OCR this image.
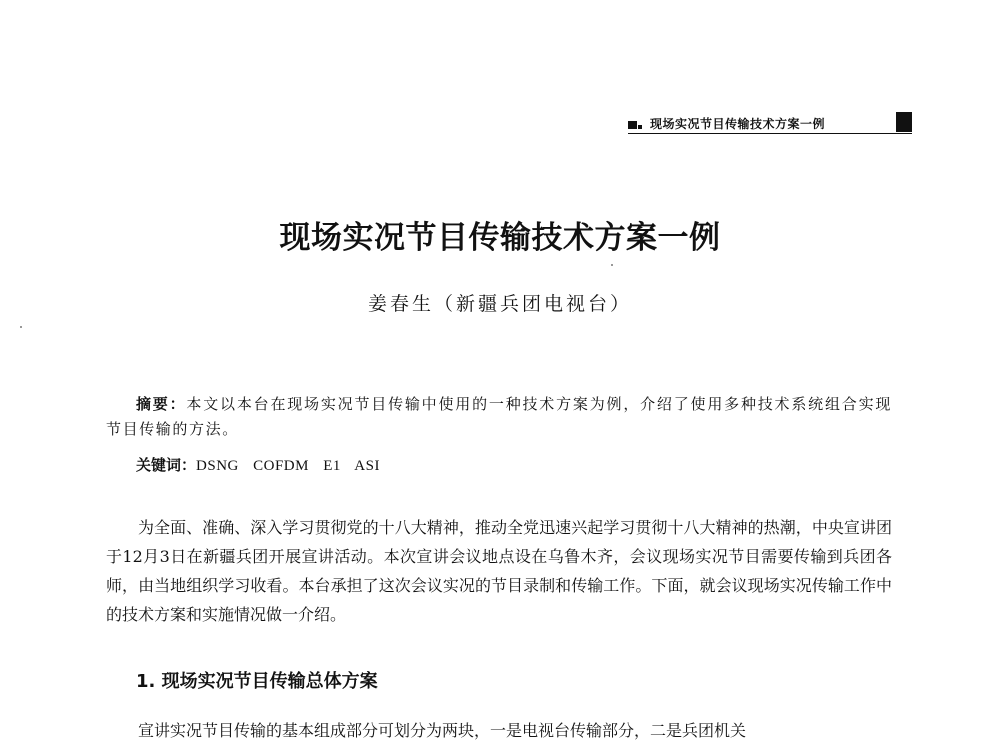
现场实况节目传输技术方案一例
现场实况节目传输技术方案一例
姜春生（新疆兵团电视台）

摘要：本文以本台在现场实况节目传输中使用的一种技术方案为例，介绍了使用多种技术系统组合实现节目传输的方法。

关键词：DSNG COFDM E1 ASI

为全面、准确、深入学习贯彻党的十八大精神，推动全党迅速兴起学习贯彻十八大精神的热潮，中央宣讲团于12月3日在新疆兵团开展宣讲活动。本次宣讲会议地点设在乌鲁木齐，会议现场实况节目需要传输到兵团各师，由当地组织学习收看。本台承担了这次会议实况的节目录制和传输工作。下面，就会议现场实况传输工作中的技术方案和实施情况做一介绍。

1. 现场实况节目传输总体方案

宣讲实况节目传输的基本组成部分可划分为两块，一是电视台传输部分，二是兵团机关
